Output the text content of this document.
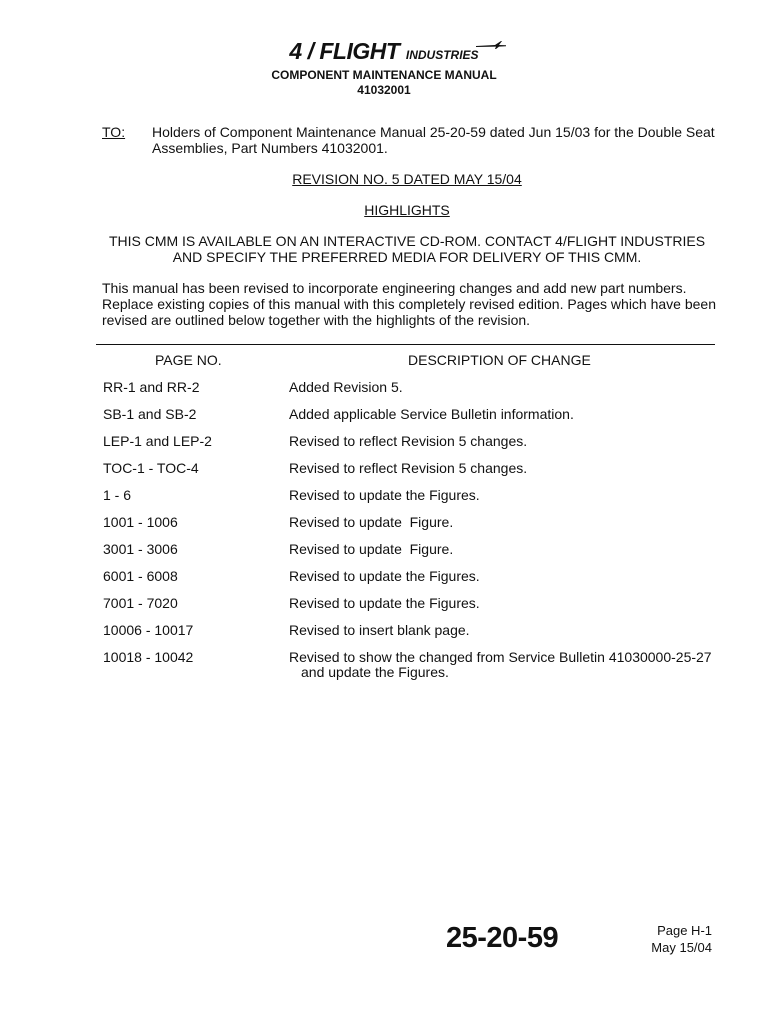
4 / FLIGHT INDUSTRIES
COMPONENT MAINTENANCE MANUAL
41032001
TO: Holders of Component Maintenance Manual 25-20-59 dated Jun 15/03 for the Double Seat Assemblies, Part Numbers 41032001.
REVISION NO. 5 DATED MAY 15/04
HIGHLIGHTS
THIS CMM IS AVAILABLE ON AN INTERACTIVE CD-ROM. CONTACT 4/FLIGHT INDUSTRIES AND SPECIFY THE PREFERRED MEDIA FOR DELIVERY OF THIS CMM.
This manual has been revised to incorporate engineering changes and add new part numbers. Replace existing copies of this manual with this completely revised edition. Pages which have been revised are outlined below together with the highlights of the revision.
PAGE NO.	DESCRIPTION OF CHANGE
RR-1 and RR-2	Added Revision 5.
SB-1 and SB-2	Added applicable Service Bulletin information.
LEP-1 and LEP-2	Revised to reflect Revision 5 changes.
TOC-1 - TOC-4	Revised to reflect Revision 5 changes.
1 - 6	Revised to update the Figures.
1001 - 1006	Revised to update  Figure.
3001 - 3006	Revised to update  Figure.
6001 - 6008	Revised to update the Figures.
7001 - 7020	Revised to update the Figures.
10006 - 10017	Revised to insert blank page.
10018 - 10042	Revised to show the changed from Service Bulletin 41030000-25-27
and update the Figures.
25-20-59	Page H-1
May 15/04
